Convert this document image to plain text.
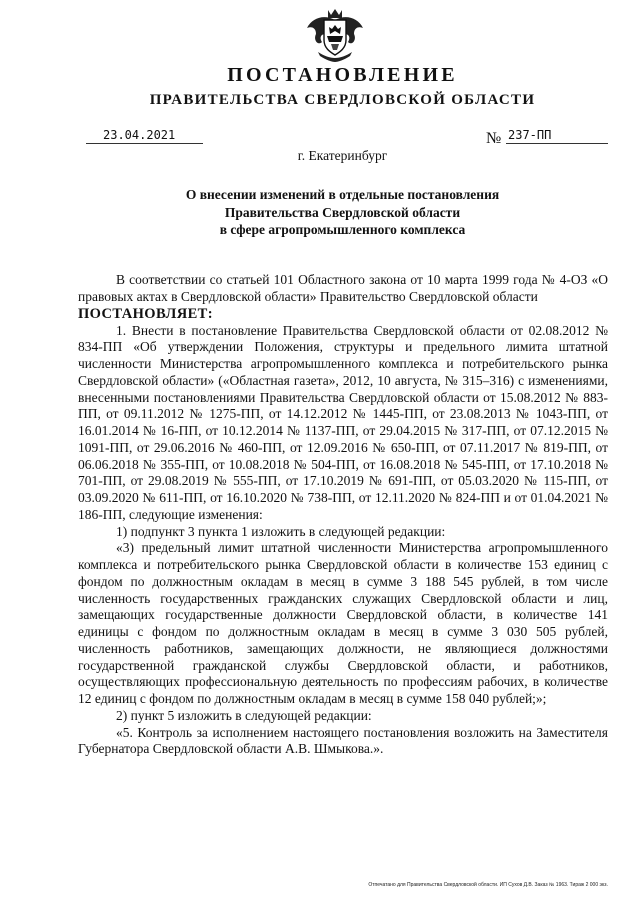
ПОСТАНОВЛЕНИЕ
ПРАВИТЕЛЬСТВА СВЕРДЛОВСКОЙ ОБЛАСТИ
23.04.2021	№ 237-ПП
г. Екатеринбург
О внесении изменений в отдельные постановления
Правительства Свердловской области
в сфере агропромышленного комплекса

В соответствии со статьей 101 Областного закона от 10 марта 1999 года № 4-ОЗ «О правовых актах в Свердловской области» Правительство Свердловской области

ПОСТАНОВЛЯЕТ:

1. Внести в постановление Правительства Свердловской области от 02.08.2012 № 834-ПП «Об утверждении Положения, структуры и предельного лимита штатной численности Министерства агропромышленного комплекса и потребительского рынка Свердловской области» («Областная газета», 2012, 10 августа, № 315–316) с изменениями, внесенными постановлениями Правительства Свердловской области от 15.08.2012 № 883-ПП, от 09.11.2012 № 1275-ПП, от 14.12.2012 № 1445-ПП, от 23.08.2013 № 1043-ПП, от 16.01.2014 № 16-ПП, от 10.12.2014 № 1137-ПП, от 29.04.2015 № 317-ПП, от 07.12.2015 № 1091-ПП, от 29.06.2016 № 460-ПП, от 12.09.2016 № 650-ПП, от 07.11.2017 № 819-ПП, от 06.06.2018 № 355-ПП, от 10.08.2018 № 504-ПП, от 16.08.2018 № 545-ПП, от 17.10.2018 № 701-ПП, от 29.08.2019 № 555-ПП, от 17.10.2019 № 691-ПП, от 05.03.2020 № 115-ПП, от 03.09.2020 № 611-ПП, от 16.10.2020 № 738-ПП, от 12.11.2020 № 824-ПП и от 01.04.2021 № 186-ПП, следующие изменения:

1) подпункт 3 пункта 1 изложить в следующей редакции:

«3) предельный лимит штатной численности Министерства агропромышленного комплекса и потребительского рынка Свердловской области в количестве 153 единиц с фондом по должностным окладам в месяц в сумме 3 188 545 рублей, в том числе численность государственных гражданских служащих Свердловской области и лиц, замещающих государственные должности Свердловской области, в количестве 141 единицы с фондом по должностным окладам в месяц в сумме 3 030 505 рублей, численность работников, замещающих должности, не являющиеся должностями государственной гражданской службы Свердловской области, и работников, осуществляющих профессиональную деятельность по профессиям рабочих, в количестве 12 единиц с фондом по должностным окладам в месяц в сумме 158 040 рублей;»;

2) пункт 5 изложить в следующей редакции:

«5. Контроль за исполнением настоящего постановления возложить на Заместителя Губернатора Свердловской области А.В. Шмыкова.».

Отпечатано для Правительства Свердловской области. ИП Сухов Д.В. Заказ № 1963. Тираж 2 000 экз.
